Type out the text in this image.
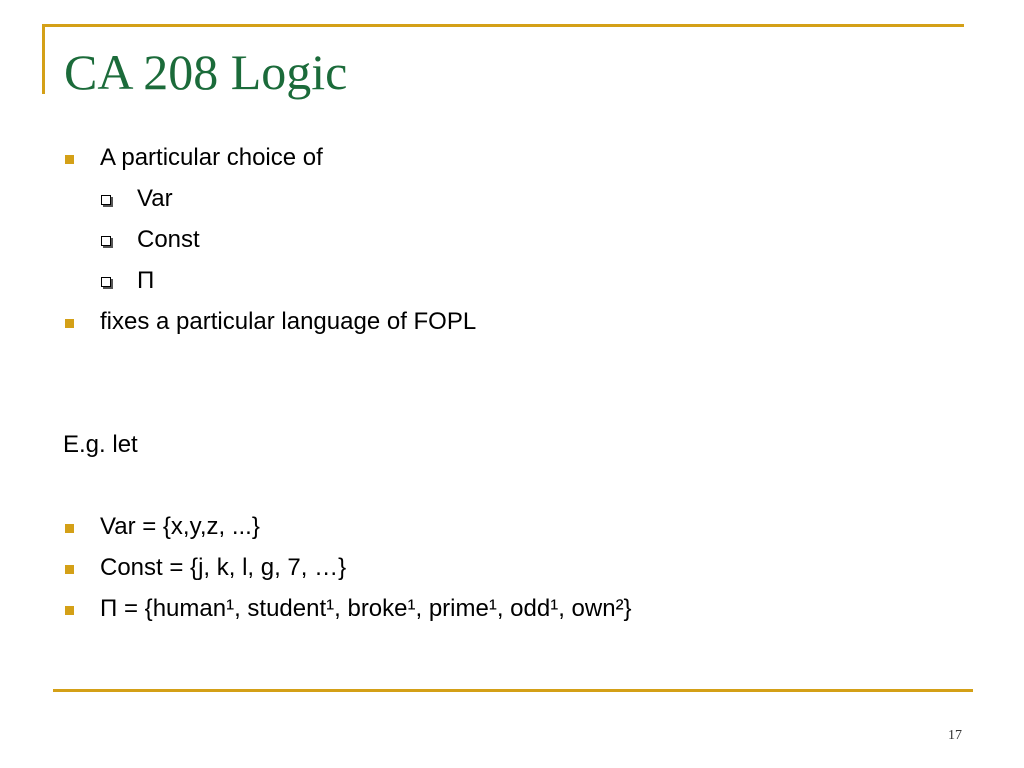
CA 208 Logic
A particular choice of
Var
Const
Π
fixes a particular language of FOPL
E.g. let
Var = {x,y,z, ...}
Const = {j, k, l, g, 7, …}
Π = {human¹, student¹, broke¹, prime¹, odd¹, own²}
17
